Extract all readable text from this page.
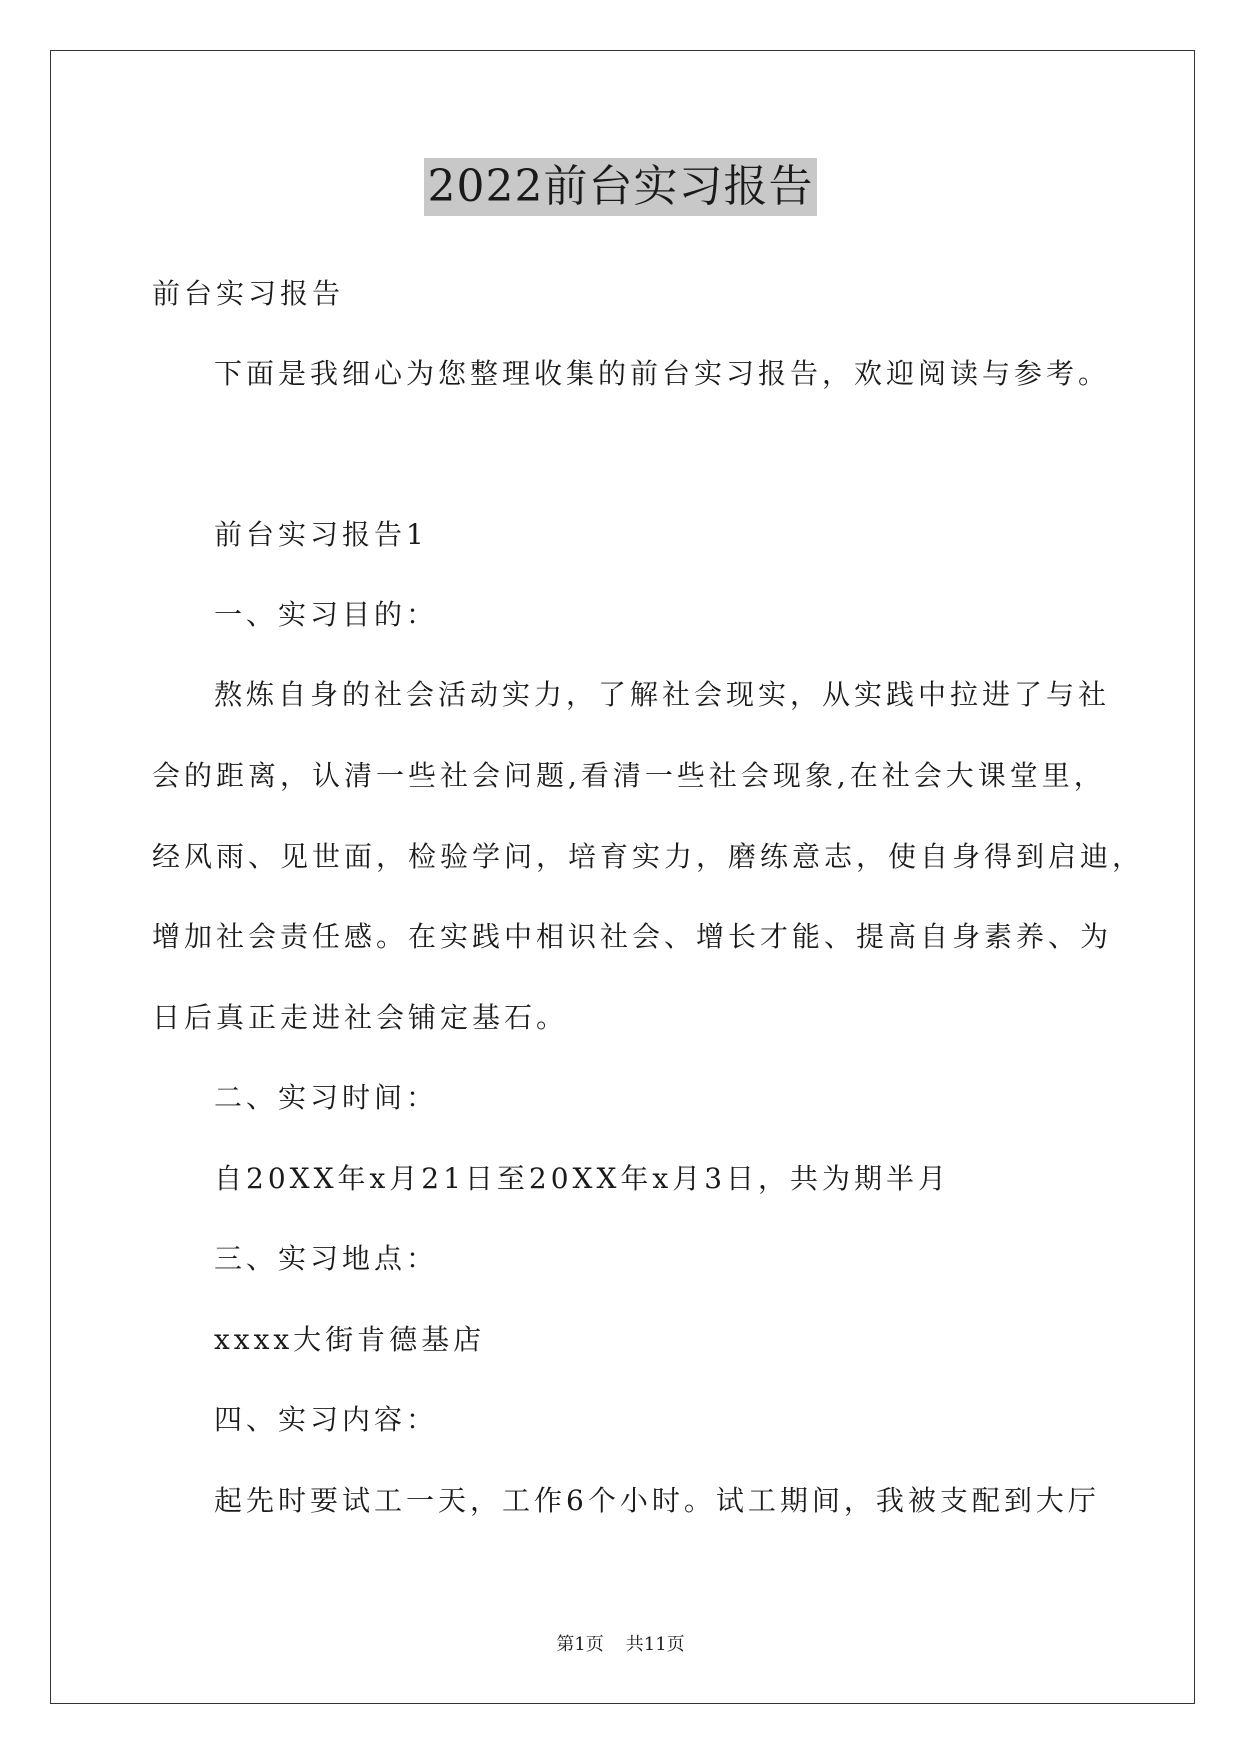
2022前台实习报告
前台实习报告
下面是我细心为您整理收集的前台实习报告，欢迎阅读与参考。
前台实习报告1
一、实习目的：
熬炼自身的社会活动实力，了解社会现实，从实践中拉进了与社
会的距离，认清一些社会问题,看清一些社会现象,在社会大课堂里，
经风雨、见世面，检验学问，培育实力，磨练意志，使自身得到启迪，
增加社会责任感。在实践中相识社会、增长才能、提高自身素养、为
日后真正走进社会铺定基石。
二、实习时间：
自20XX年x月21日至20XX年x月3日，共为期半月
三、实习地点：
xxxx大街肯德基店
四、实习内容：
起先时要试工一天，工作6个小时。试工期间，我被支配到大厅
第1页 共11页
